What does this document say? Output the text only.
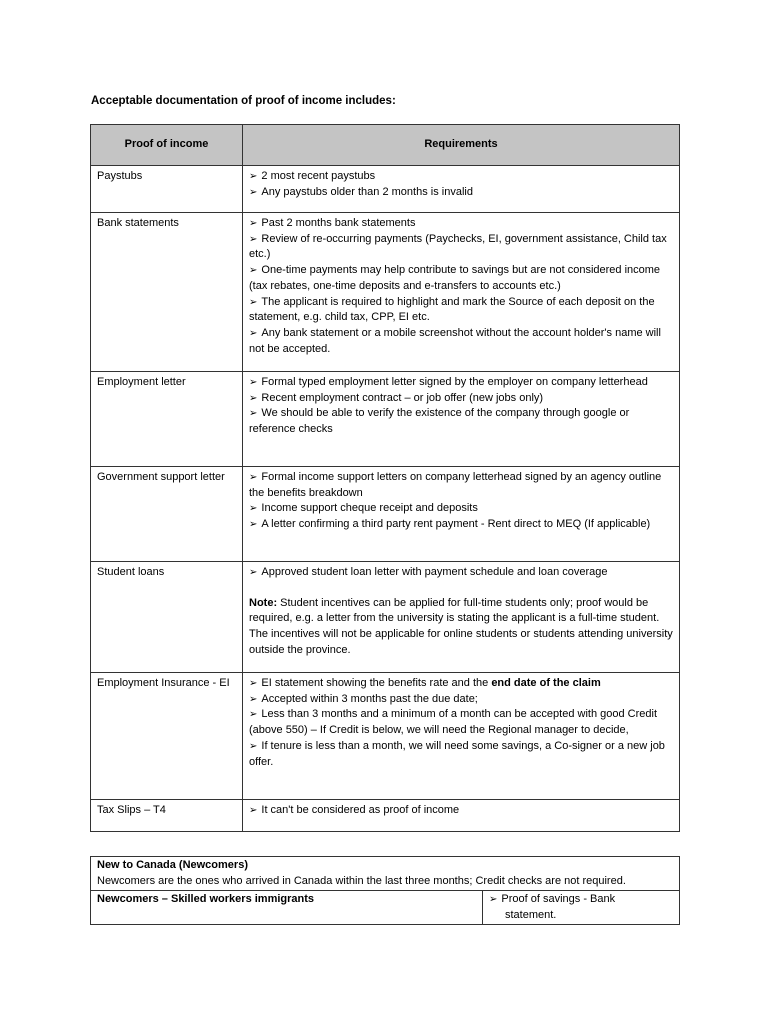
Acceptable documentation of proof of income includes:
Proof of income	Requirements
Paystubs	➢ 2 most recent paystubs
➢ Any paystubs older than 2 months is invalid

Bank statements	➢ Past 2 months bank statements
➢ Review of re-occurring payments (Paychecks, EI, government assistance, Child tax etc.)
➢ One-time payments may help contribute to savings but are not considered income (tax rebates, one-time deposits and e-transfers to accounts etc.)
➢ The applicant is required to highlight and mark the Source of each deposit on the statement, e.g. child tax, CPP, EI etc.
➢ Any bank statement or a mobile screenshot without the account holder's name will not be accepted.

Employment letter	➢ Formal typed employment letter signed by the employer on company letterhead
➢ Recent employment contract – or job offer (new jobs only)
➢ We should be able to verify the existence of the company through google or reference checks

Government support letter	➢ Formal income support letters on company letterhead signed by an agency outline the benefits breakdown
➢ Income support cheque receipt and deposits
➢ A letter confirming a third party rent payment - Rent direct to MEQ (If applicable)

Student loans	➢ Approved student loan letter with payment schedule and loan coverage
Note: Student incentives can be applied for full-time students only; proof would be required, e.g. a letter from the university is stating the applicant is a full-time student. The incentives will not be applicable for online students or students attending university outside the province.

Employment Insurance - EI	➢ EI statement showing the benefits rate and the end date of the claim
➢ Accepted within 3 months past the due date;
➢ Less than 3 months and a minimum of a month can be accepted with good Credit (above 550) – If Credit is below, we will need the Regional manager to decide,
➢ If tenure is less than a month, we will need some savings, a Co-signer or a new job offer.

Tax Slips – T4	➢ It can't be considered as proof of income
New to Canada (Newcomers)
Newcomers are the ones who arrived in Canada within the last three months; Credit checks are not required.

Newcomers – Skilled workers immigrants	➢ Proof of savings - Bank
statement.
